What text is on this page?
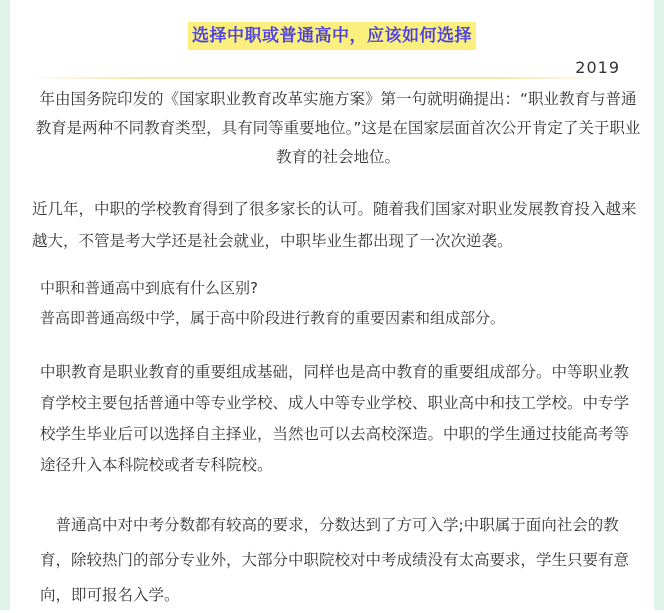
选择中职或普通高中，应该如何选择
2019

年由国务院印发的《国家职业教育改革实施方案》第一句就明确提出：“职业教育与普通教育是两种不同教育类型，具有同等重要地位。”这是在国家层面首次公开肯定了关于职业教育的社会地位。

近几年，中职的学校教育得到了很多家长的认可。随着我们国家对职业发展教育投入越来越大，不管是考大学还是社会就业，中职毕业生都出现了一次次逆袭。

中职和普通高中到底有什么区别?
普高即普通高级中学，属于高中阶段进行教育的重要因素和组成部分。

中职教育是职业教育的重要组成基础，同样也是高中教育的重要组成部分。中等职业教育学校主要包括普通中等专业学校、成人中等专业学校、职业高中和技工学校。中专学校学生毕业后可以选择自主择业，当然也可以去高校深造。中职的学生通过技能高考等途径升入本科院校或者专科院校。

　普通高中对中考分数都有较高的要求，分数达到了方可入学;中职属于面向社会的教育，除较热门的部分专业外，大部分中职院校对中考成绩没有太高要求，学生只要有意向，即可报名入学。
